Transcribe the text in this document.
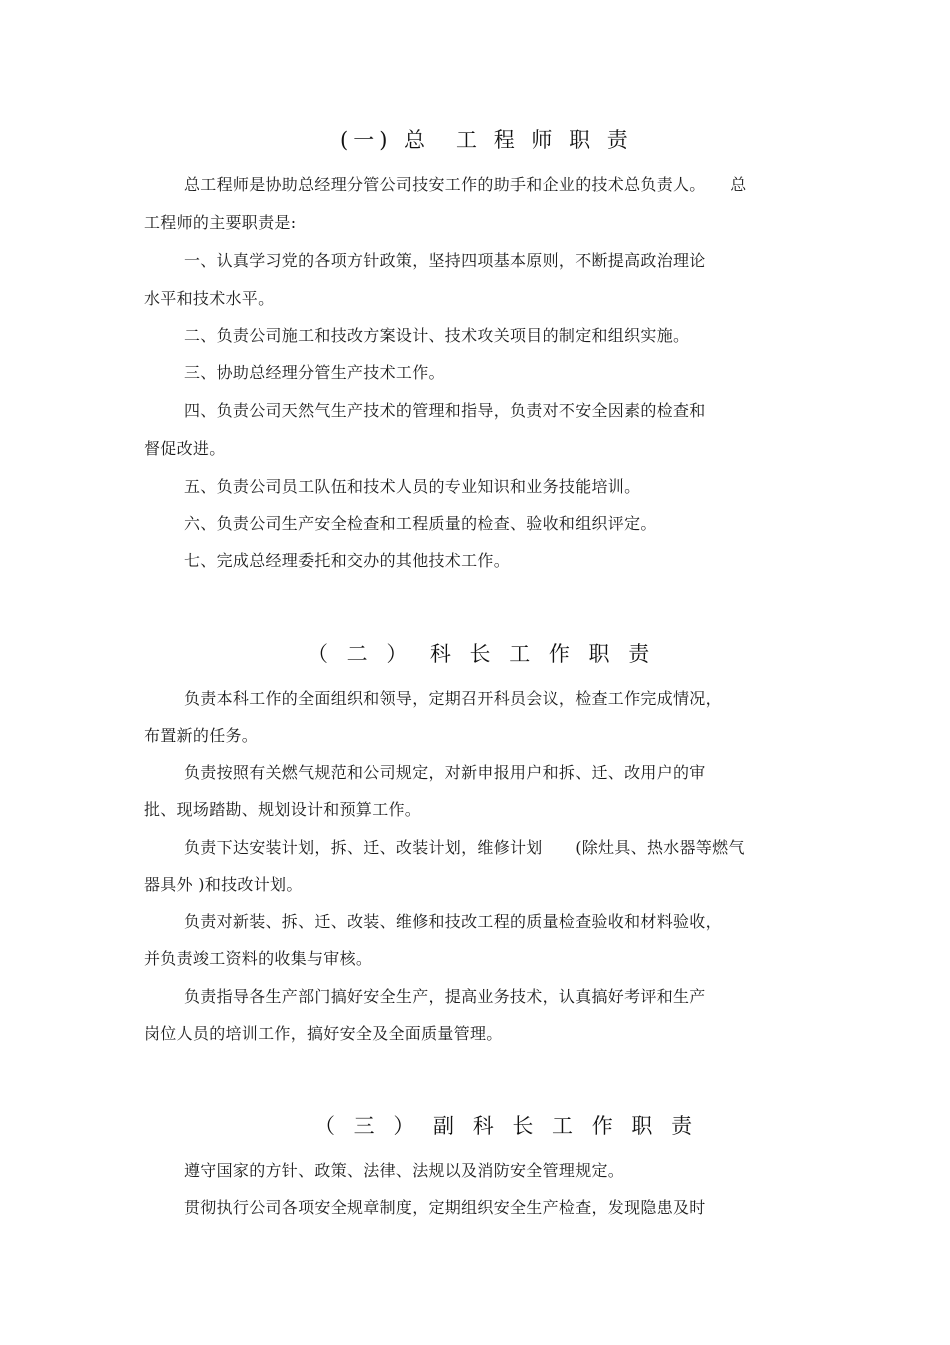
(一) 总　工 程 师 职 责
总工程师是协助总经理分管公司技安工作的助手和企业的技术总负责人。　　总
工程师的主要职责是:
一、认真学习党的各项方针政策，坚持四项基本原则，不断提高政治理论
水平和技术水平。
二、负责公司施工和技改方案设计、技术攻关项目的制定和组织实施。
三、协助总经理分管生产技术工作。
四、负责公司天然气生产技术的管理和指导，负责对不安全因素的检查和
督促改进。
五、负责公司员工队伍和技术人员的专业知识和业务技能培训。
六、负责公司生产安全检查和工程质量的检查、验收和组织评定。
七、完成总经理委托和交办的其他技术工作。
（ 二 ）　科 长 工 作 职 责
负责本科工作的全面组织和领导，定期召开科员会议，检查工作完成情况，
布置新的任务。
负责按照有关燃气规范和公司规定，对新申报用户和拆、迁、改用户的审
批、现场踏勘、规划设计和预算工作。
负责下达安装计划，拆、迁、改装计划，维修计划　　(除灶具、热水器等燃气
器具外 )和技改计划。
负责对新装、拆、迁、改装、维修和技改工程的质量检查验收和材料验收，
并负责竣工资料的收集与审核。
负责指导各生产部门搞好安全生产，提高业务技术，认真搞好考评和生产
岗位人员的培训工作，搞好安全及全面质量管理。
（ 三 ） 副 科 长 工 作 职 责
遵守国家的方针、政策、法律、法规以及消防安全管理规定。
贯彻执行公司各项安全规章制度，定期组织安全生产检查，发现隐患及时
